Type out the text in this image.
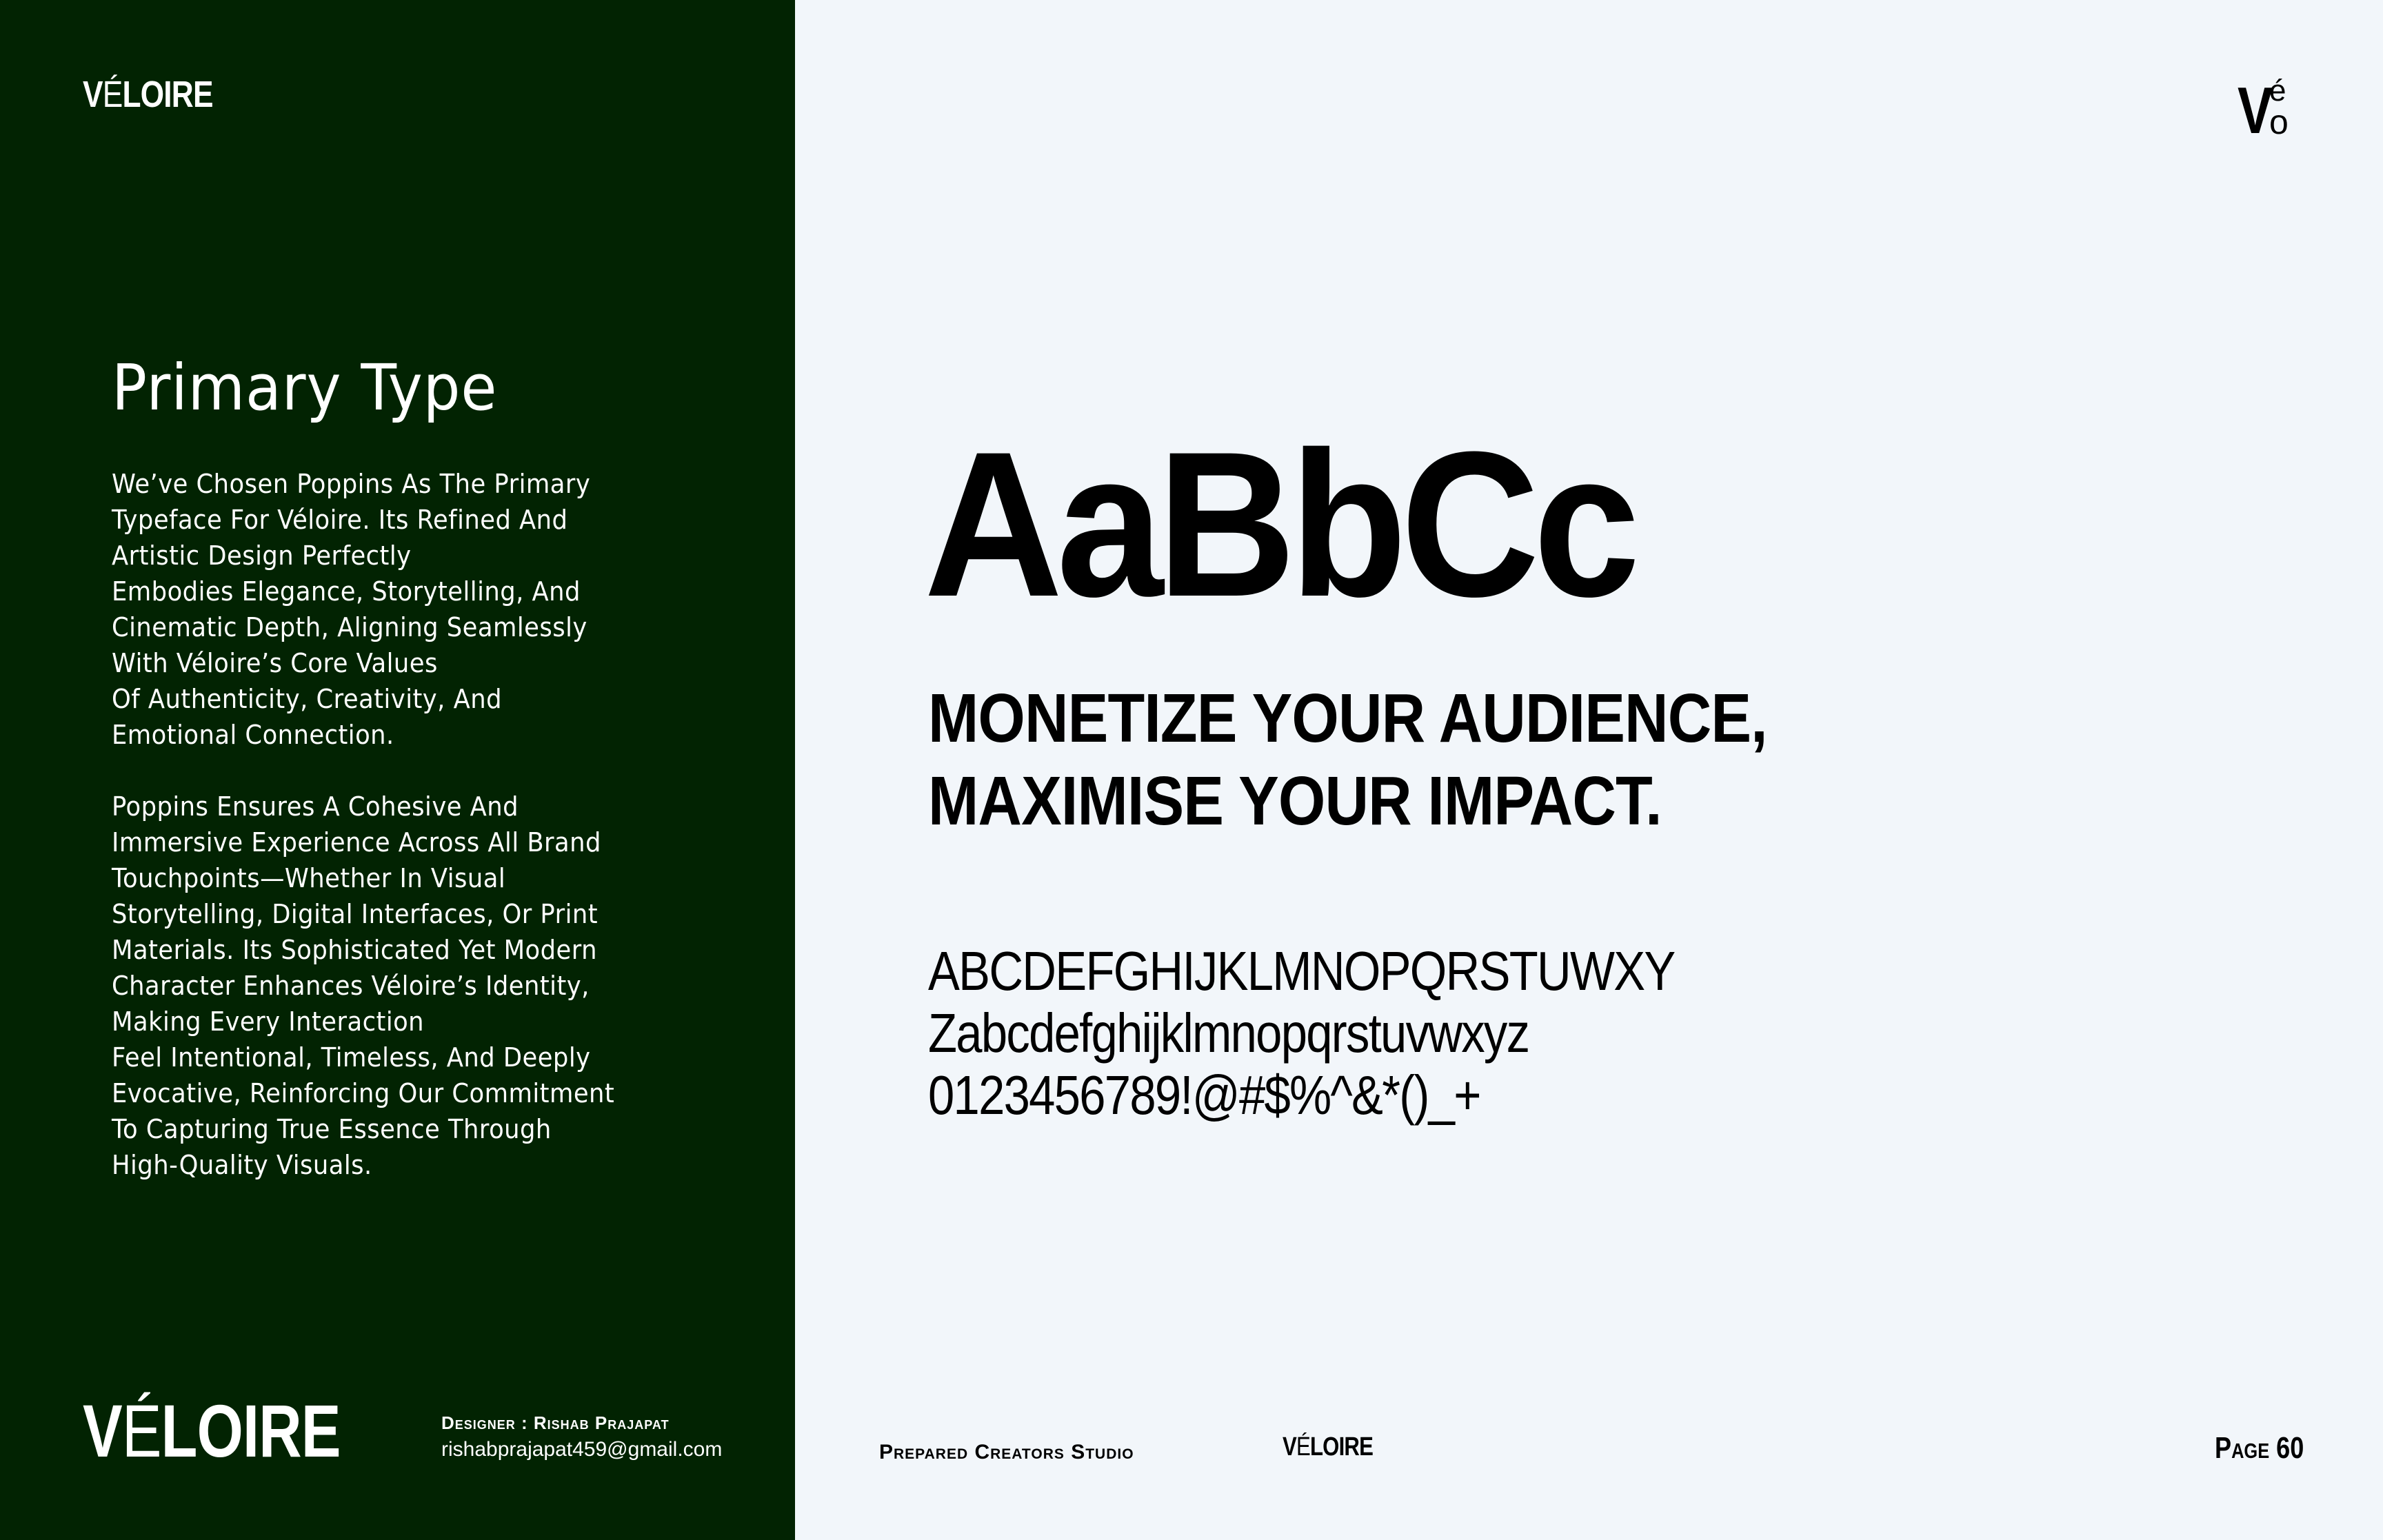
VÉLOIRE
Primary Type
We’ve Chosen Poppins As The Primary
Typeface For Véloire. Its Refined And
Artistic Design Perfectly
Embodies Elegance, Storytelling, And
Cinematic Depth, Aligning Seamlessly
With Véloire’s Core Values
Of Authenticity, Creativity, And
Emotional Connection.
Poppins Ensures A Cohesive And
Immersive Experience Across All Brand
Touchpoints—Whether In Visual
Storytelling, Digital Interfaces, Or Print
Materials. Its Sophisticated Yet Modern
Character Enhances Véloire’s Identity,
Making Every Interaction
Feel Intentional, Timeless, And Deeply
Evocative, Reinforcing Our Commitment
To Capturing True Essence Through
High-Quality Visuals.
VÉLOIRE	Designer : Rishab Prajapat
rishabprajapat459@gmail.com
V
é
o
AaBbCc
MONETIZE YOUR AUDIENCE,
MAXIMISE YOUR IMPACT.
ABCDEFGHIJKLMNOPQRSTUWXY
Zabcdefghijklmnopqrstuvwxyz
0123456789!@#$%^&*()_+
Prepared Creators Studio	VÉLOIRE	Page 60
